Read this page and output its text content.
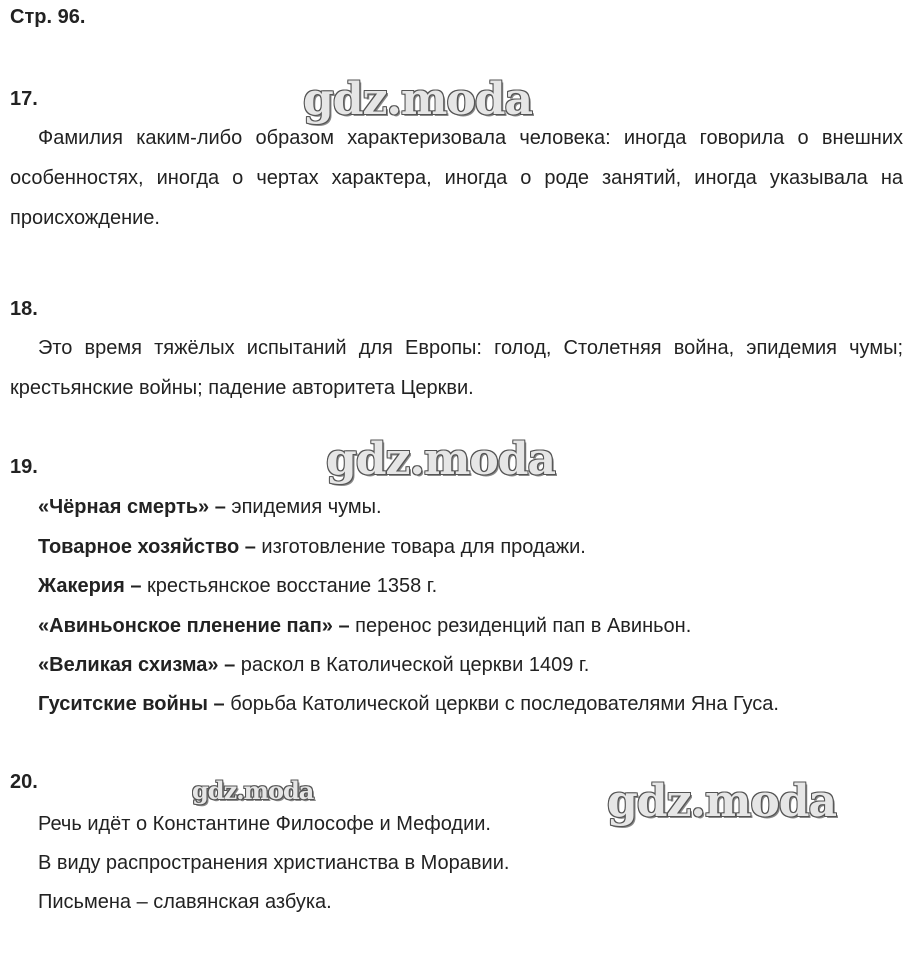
Стр. 96.
17.
Фамилия каким-либо образом характеризовала человека: иногда говорила о внешних особенностях, иногда о чертах характера, иногда о роде занятий, иногда указывала на происхождение.
18.
Это время тяжёлых испытаний для Европы: голод, Столетняя война, эпидемия чумы; крестьянские войны; падение авторитета Церкви.
19.
«Чёрная смерть» – эпидемия чумы.
Товарное хозяйство – изготовление товара для продажи.
Жакерия – крестьянское восстание 1358 г.
«Авиньонское пленение пап» – перенос резиденций пап в Авиньон.
«Великая схизма» – раскол в Католической церкви 1409 г.
Гуситские войны – борьба Католической церкви с последователями Яна Гуса.
20.
Речь идёт о Константине Философе и Мефодии.
В виду распространения христианства в Моравии.
Письмена – славянская азбука.
gdz.moda
gdz.moda
gdz.moda	gdz.moda
